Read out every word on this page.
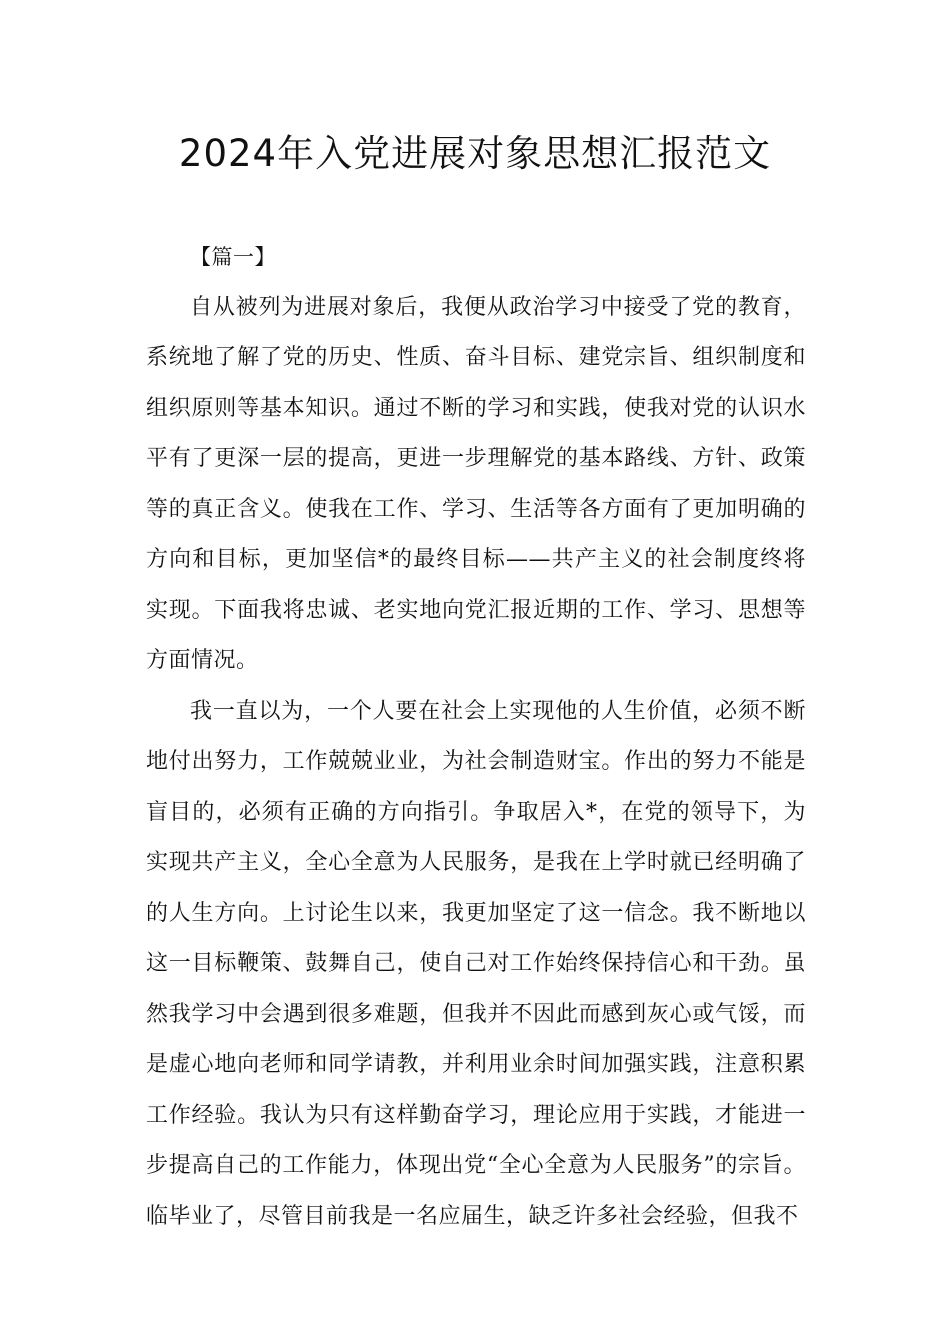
2024年入党进展对象思想汇报范文

【篇一】

自从被列为进展对象后，我便从政治学习中接受了党的教育，系统地了解了党的历史、性质、奋斗目标、建党宗旨、组织制度和组织原则等基本知识。通过不断的学习和实践，使我对党的认识水平有了更深一层的提高，更进一步理解党的基本路线、方针、政策等的真正含义。使我在工作、学习、生活等各方面有了更加明确的方向和目标，更加坚信*的最终目标——共产主义的社会制度终将实现。下面我将忠诚、老实地向党汇报近期的工作、学习、思想等方面情况。

我一直以为，一个人要在社会上实现他的人生价值，必须不断地付出努力，工作兢兢业业，为社会制造财宝。作出的努力不能是盲目的，必须有正确的方向指引。争取居入*，在党的领导下，为实现共产主义，全心全意为人民服务，是我在上学时就已经明确了的人生方向。上讨论生以来，我更加坚定了这一信念。我不断地以这一目标鞭策、鼓舞自己，使自己对工作始终保持信心和干劲。虽然我学习中会遇到很多难题，但我并不因此而感到灰心或气馁，而是虚心地向老师和同学请教，并利用业余时间加强实践，注意积累工作经验。我认为只有这样勤奋学习，理论应用于实践，才能进一步提高自己的工作能力，体现出党“全心全意为人民服务”的宗旨。临毕业了，尽管目前我是一名应届生，缺乏许多社会经验，但我不
